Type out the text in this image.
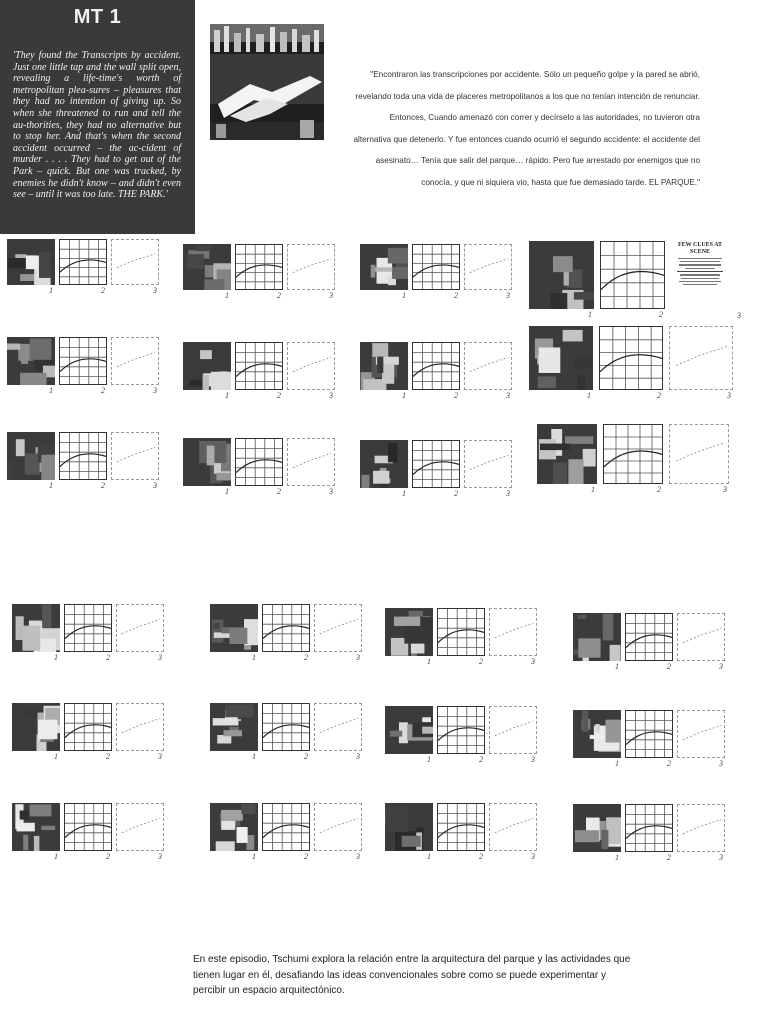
MT 1

'They found the Transcripts by accident. Just one little tap and the wall split open, revealing a life-time's worth of metropolitan plea-sures – pleasures that they had no intention of giving up. So when she threatened to run and tell the au-thorities, they had no alternative but to stop her. And that's when the second accident occurred – the ac-cident of murder . . . . They had to get out of the Park – quick. But one was tracked, by enemies he didn't know – and didn't even see – until it was too late. THE PARK.'

"Encontraron las transcripciones por accidente. Sólo un pequeño golpe y la pared se abrió, revelando toda una vida de placeres metropolitanos a los que no tenían intención de renunciar. Entonces, Cuando amenazó con correr y decírselo a las autoridades, no tuvieron otra alternativa que detenerlo. Y fue entonces cuando ocurrió el segundo accidente: el accidente del asesinato… Tenía que salir del parque… rápido. Pero fue arrestado por enemigos que no conocía, y que ni siquiera vio, hasta que fue demasiado tarde. EL PARQUE."

1	2	3
1	2	3	1	2	3
1	2	3
1	2	3	1	2	3	1	2	3
1	2	3
1	2	3	1	2	3	1	2	3
1	2	3	1	2	3	1	2	3
1	2	3
1	2	3	1	2	3	1	2	3	1	2	3
1	2	3	1	2	3	1	2	3	1	2	3
1	2	3
FEW CLUES AT SCENE

En este episodio, Tschumi explora la relación entre la arquitectura del parque y las actividades que tienen lugar en él, desafiando las ideas convencionales sobre como se puede experimentar y percibir un espacio arquitectónico.
